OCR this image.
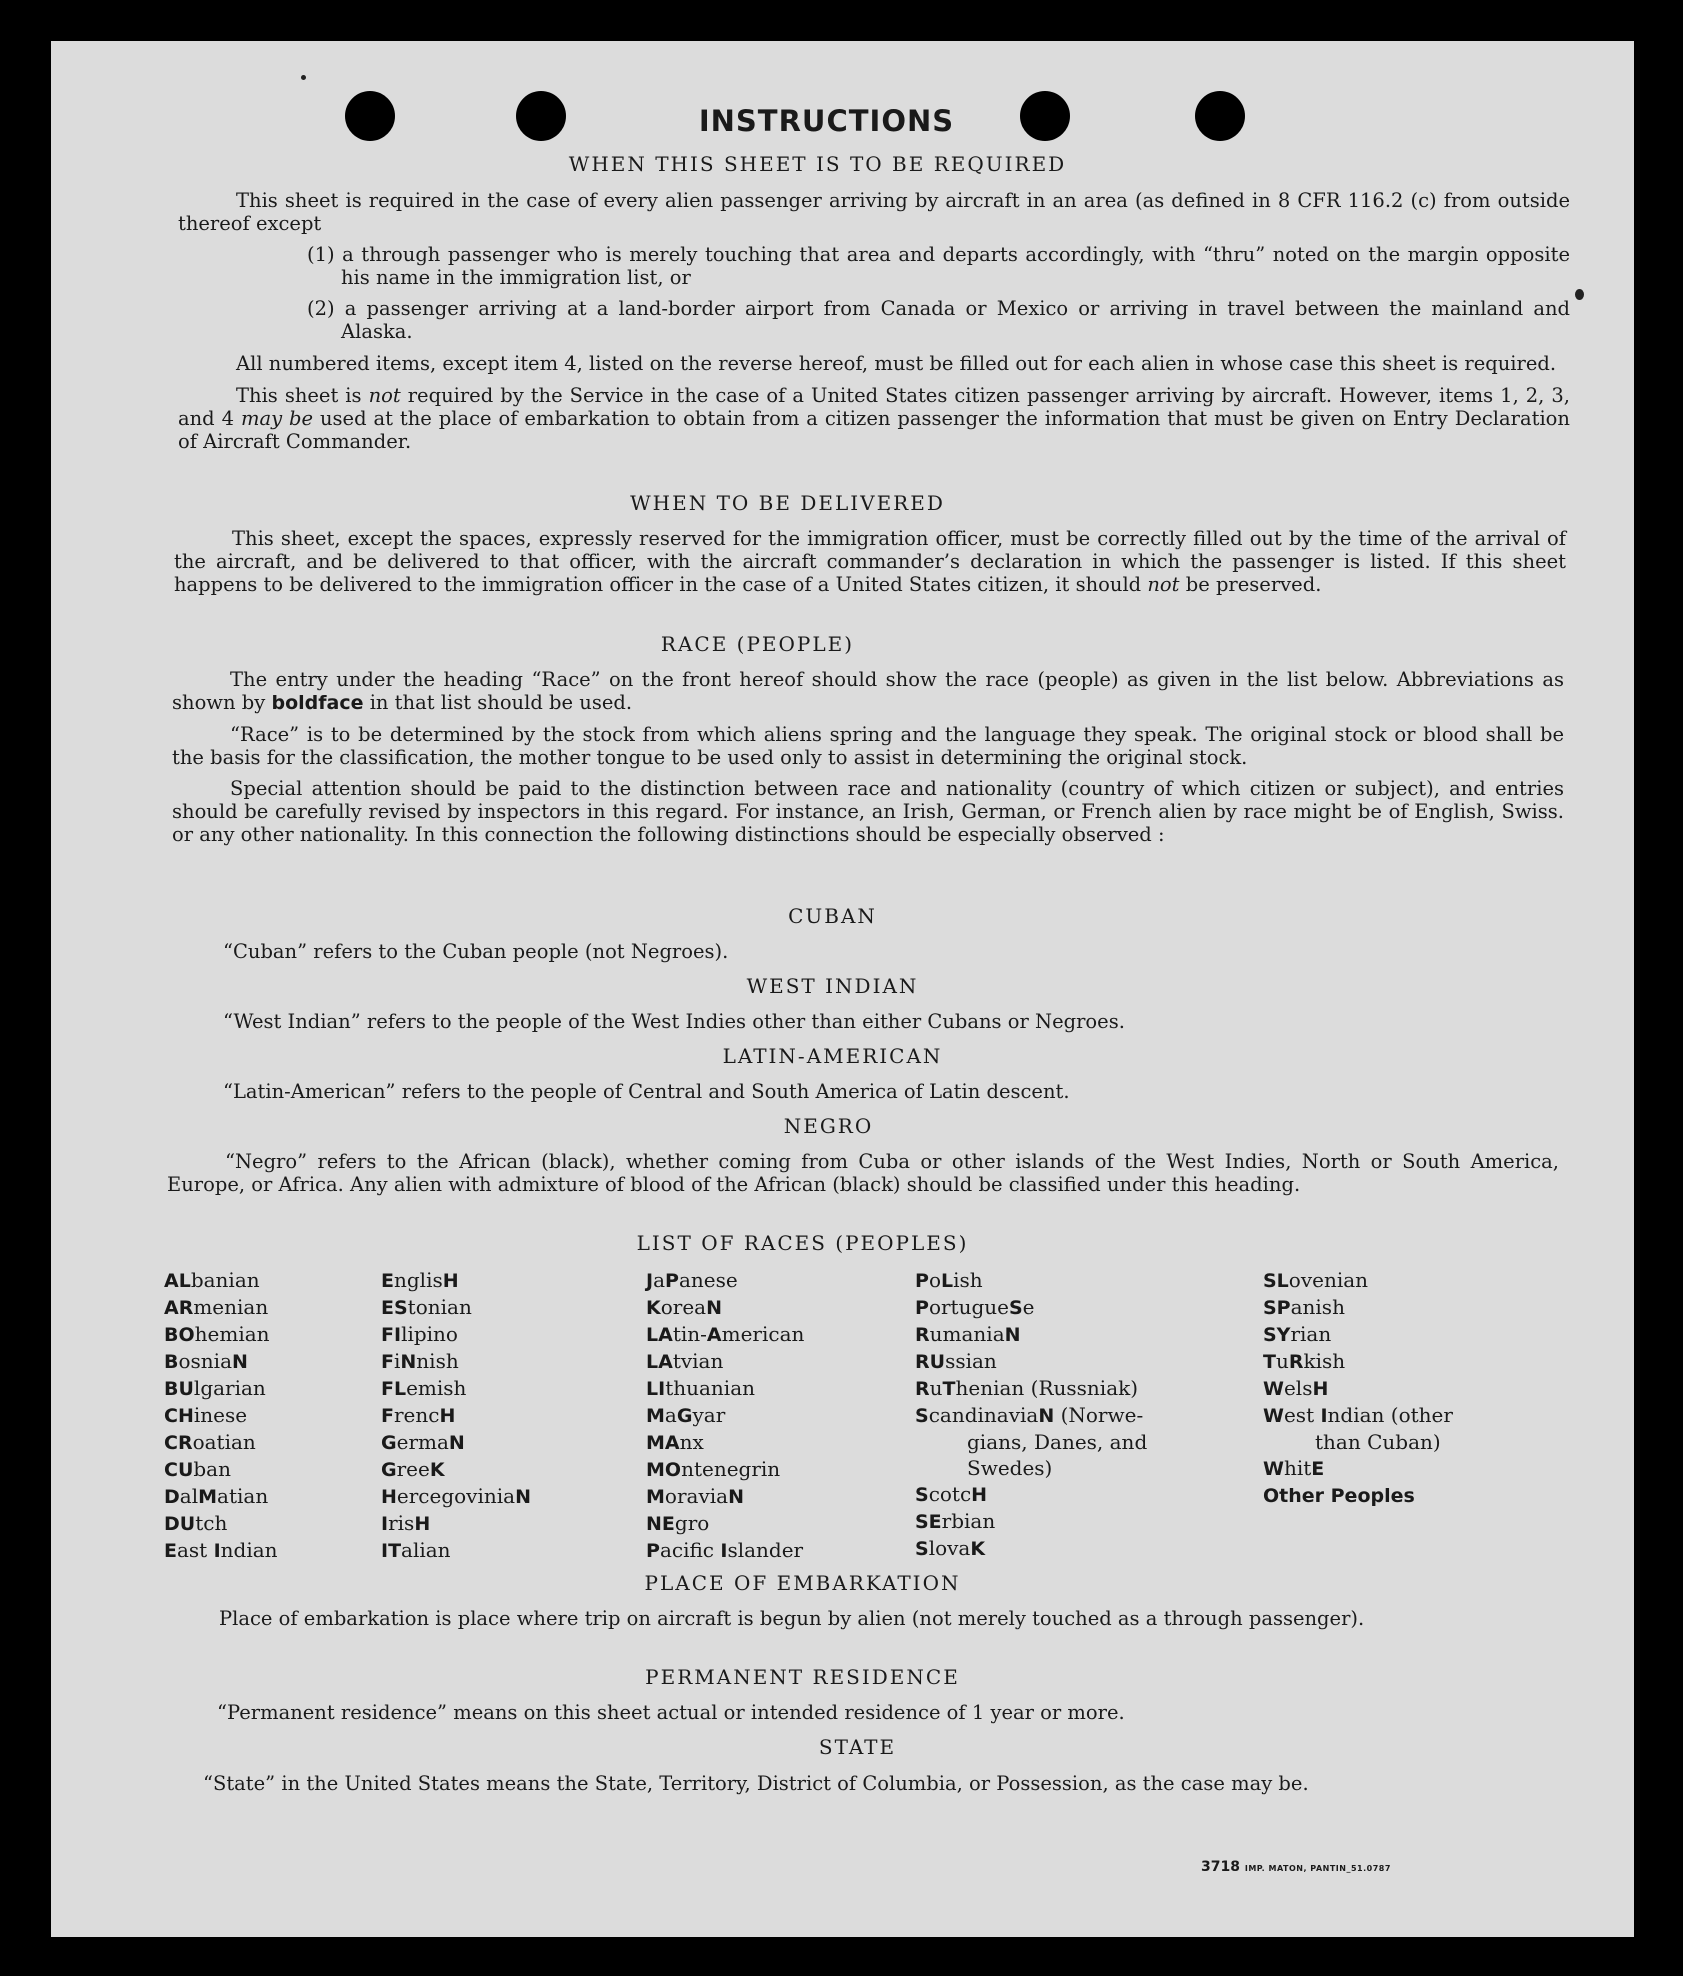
INSTRUCTIONS
WHEN THIS SHEET IS TO BE REQUIRED
This sheet is required in the case of every alien passenger arriving by aircraft in an area (as defined in 8 CFR 116.2 (c) from outside thereof except
(1) a through passenger who is merely touching that area and departs accordingly, with “thru” noted on the margin opposite his name in the immigration list, or
(2) a passenger arriving at a land-border airport from Canada or Mexico or arriving in travel between the mainland and Alaska.
All numbered items, except item 4, listed on the reverse hereof, must be filled out for each alien in whose case this sheet is required.
This sheet is not required by the Service in the case of a United States citizen passenger arriving by aircraft. However, items 1, 2, 3, and 4 may be used at the place of embarkation to obtain from a citizen passenger the information that must be given on Entry Declaration of Aircraft Commander.
WHEN TO BE DELIVERED
This sheet, except the spaces, expressly reserved for the immigration officer, must be correctly filled out by the time of the arrival of the aircraft, and be delivered to that officer, with the aircraft commander’s declaration in which the passenger is listed. If this sheet happens to be delivered to the immigration officer in the case of a United States citizen, it should not be preserved.
RACE (PEOPLE)
The entry under the heading “Race” on the front hereof should show the race (people) as given in the list below. Abbreviations as shown by boldface in that list should be used.
“Race” is to be determined by the stock from which aliens spring and the language they speak. The original stock or blood shall be the basis for the classification, the mother tongue to be used only to assist in determining the original stock.
Special attention should be paid to the distinction between race and nationality (country of which citizen or subject), and entries should be carefully revised by inspectors in this regard. For instance, an Irish, German, or French alien by race might be of English, Swiss. or any other nationality. In this connection the following distinctions should be especially observed :
CUBAN
“Cuban” refers to the Cuban people (not Negroes).
WEST INDIAN
“West Indian” refers to the people of the West Indies other than either Cubans or Negroes.
LATIN-AMERICAN
“Latin-American” refers to the people of Central and South America of Latin descent.
NEGRO
“Negro” refers to the African (black), whether coming from Cuba or other islands of the West Indies, North or South America, Europe, or Africa. Any alien with admixture of blood of the African (black) should be classified under this heading.
LIST OF RACES (PEOPLES)
ALbanian
ARmenian
BOhemian
BosniaN
BUlgarian
CHinese
CRoatian
CUban
DalMatian
DUtch
East Indian
EnglisH
EStonian
FIlipino
FiNnish
FLemish
FrencH
GermaN
GreeK
HercegoviniaN
IrisH
ITalian
JaPanese
KoreaN
LAtin-American
LAtvian
LIthuanian
MaGyar
MAnx
MOntenegrin
MoraviaN
NEgro
Pacific Islander
PoLish
PortugueSe
RumaniaN
RUssian
RuThenian (Russniak)
ScandinaviaN (Norwe-
gians, Danes, and
Swedes)
ScotcH
SErbian
SlovaK
SLovenian
SPanish
SYrian
TuRkish
WelsH
West Indian (other
than Cuban)
WhitE
Other Peoples
PLACE OF EMBARKATION
Place of embarkation is place where trip on aircraft is begun by alien (not merely touched as a through passenger).
PERMANENT RESIDENCE
“Permanent residence” means on this sheet actual or intended residence of 1 year or more.
STATE
“State” in the United States means the State, Territory, District of Columbia, or Possession, as the case may be.
3718 IMP. MATON, PANTIN_51.0787
